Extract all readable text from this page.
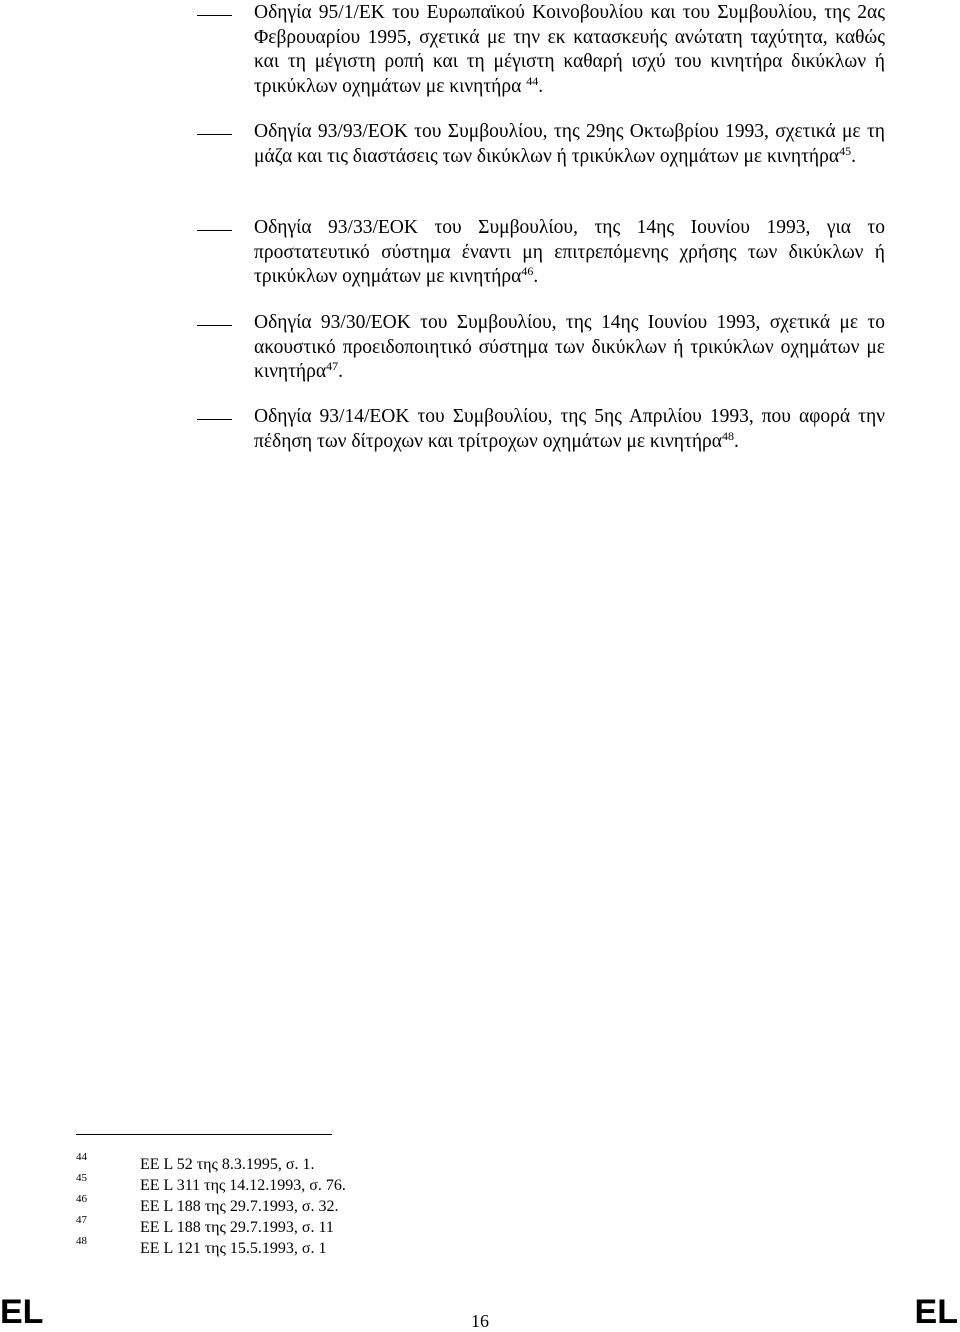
Οδηγία 95/1/ΕΚ του Ευρωπαϊκού Κοινοβουλίου και του Συμβουλίου, της 2ας Φεβρουαρίου 1995, σχετικά με την εκ κατασκευής ανώτατη ταχύτητα, καθώς και τη μέγιστη ροπή και τη μέγιστη καθαρή ισχύ του κινητήρα δικύκλων ή τρικύκλων οχημάτων με κινητήρα $^{44}$.
Οδηγία 93/93/ΕΟΚ του Συμβουλίου, της 29ης Οκτωβρίου 1993, σχετικά με τη μάζα και τις διαστάσεις των δικύκλων ή τρικύκλων οχημάτων με κινητήρα$^{45}$.
Οδηγία 93/33/ΕΟΚ του Συμβουλίου, της 14ης Ιουνίου 1993, για το προστατευτικό σύστημα έναντι μη επιτρεπόμενης χρήσης των δικύκλων ή τρικύκλων οχημάτων με κινητήρα$^{46}$.
Οδηγία 93/30/ΕΟΚ του Συμβουλίου, της 14ης Ιουνίου 1993, σχετικά με το ακουστικό προειδοποιητικό σύστημα των δικύκλων ή τρικύκλων οχημάτων με κινητήρα$^{47}$.
Οδηγία 93/14/ΕΟΚ του Συμβουλίου, της 5ης Απριλίου 1993, που αφορά την πέδηση των δίτροχων και τρίτροχων οχημάτων με κινητήρα$^{48}$.
44	ΕΕ L 52 της 8.3.1995, σ. 1.
45	ΕΕ L 311 της 14.12.1993, σ. 76.
46	ΕΕ L 188 της 29.7.1993, σ. 32.
47	ΕΕ L 188 της 29.7.1993, σ. 11
48	ΕΕ L 121 της 15.5.1993, σ. 1
EL	16	EL
